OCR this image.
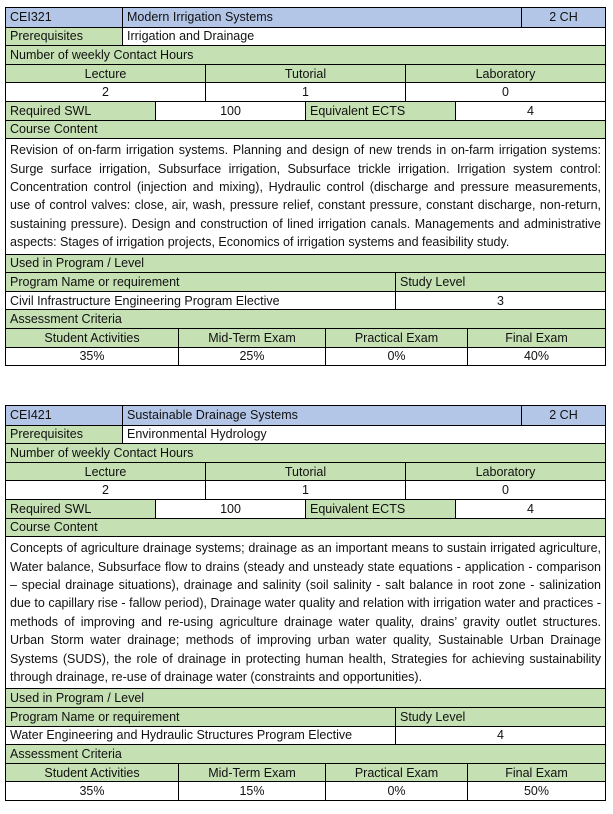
CEI321	Modern Irrigation Systems	2 CH
Prerequisites	Irrigation and Drainage
Number of weekly Contact Hours
Lecture	Tutorial	Laboratory
2	1	0
Required SWL	100	Equivalent ECTS	4
Course Content
Revision of on-farm irrigation systems. Planning and design of new trends in on-farm irrigation systems: Surge surface irrigation, Subsurface irrigation, Subsurface trickle irrigation. Irrigation system control: Concentration control (injection and mixing), Hydraulic control (discharge and pressure measurements, use of control valves: close, air, wash, pressure relief, constant pressure, constant discharge, non-return, sustaining pressure). Design and construction of lined irrigation canals. Managements and administrative aspects: Stages of irrigation projects, Economics of irrigation systems and feasibility study.
Used in Program / Level
Program Name or requirement	Study Level
Civil Infrastructure Engineering Program Elective	3
Assessment Criteria
Student Activities	Mid-Term Exam	Practical Exam	Final Exam
35%	25%	0%	40%
CEI421	Sustainable Drainage Systems	2 CH
Prerequisites	Environmental Hydrology
Number of weekly Contact Hours
Lecture	Tutorial	Laboratory
2	1	0
Required SWL	100	Equivalent ECTS	4
Course Content
Concepts of agriculture drainage systems; drainage as an important means to sustain irrigated agriculture, Water balance, Subsurface flow to drains (steady and unsteady state equations - application - comparison – special drainage situations), drainage and salinity (soil salinity - salt balance in root zone - salinization due to capillary rise - fallow period), Drainage water quality and relation with irrigation water and practices - methods of improving and re-using agriculture drainage water quality, drains’ gravity outlet structures. Urban Storm water drainage; methods of improving urban water quality, Sustainable Urban Drainage Systems (SUDS), the role of drainage in protecting human health, Strategies for achieving sustainability through drainage, re-use of drainage water (constraints and opportunities).
Used in Program / Level
Program Name or requirement	Study Level
Water Engineering and Hydraulic Structures Program Elective	4
Assessment Criteria
Student Activities	Mid-Term Exam	Practical Exam	Final Exam
35%	15%	0%	50%
